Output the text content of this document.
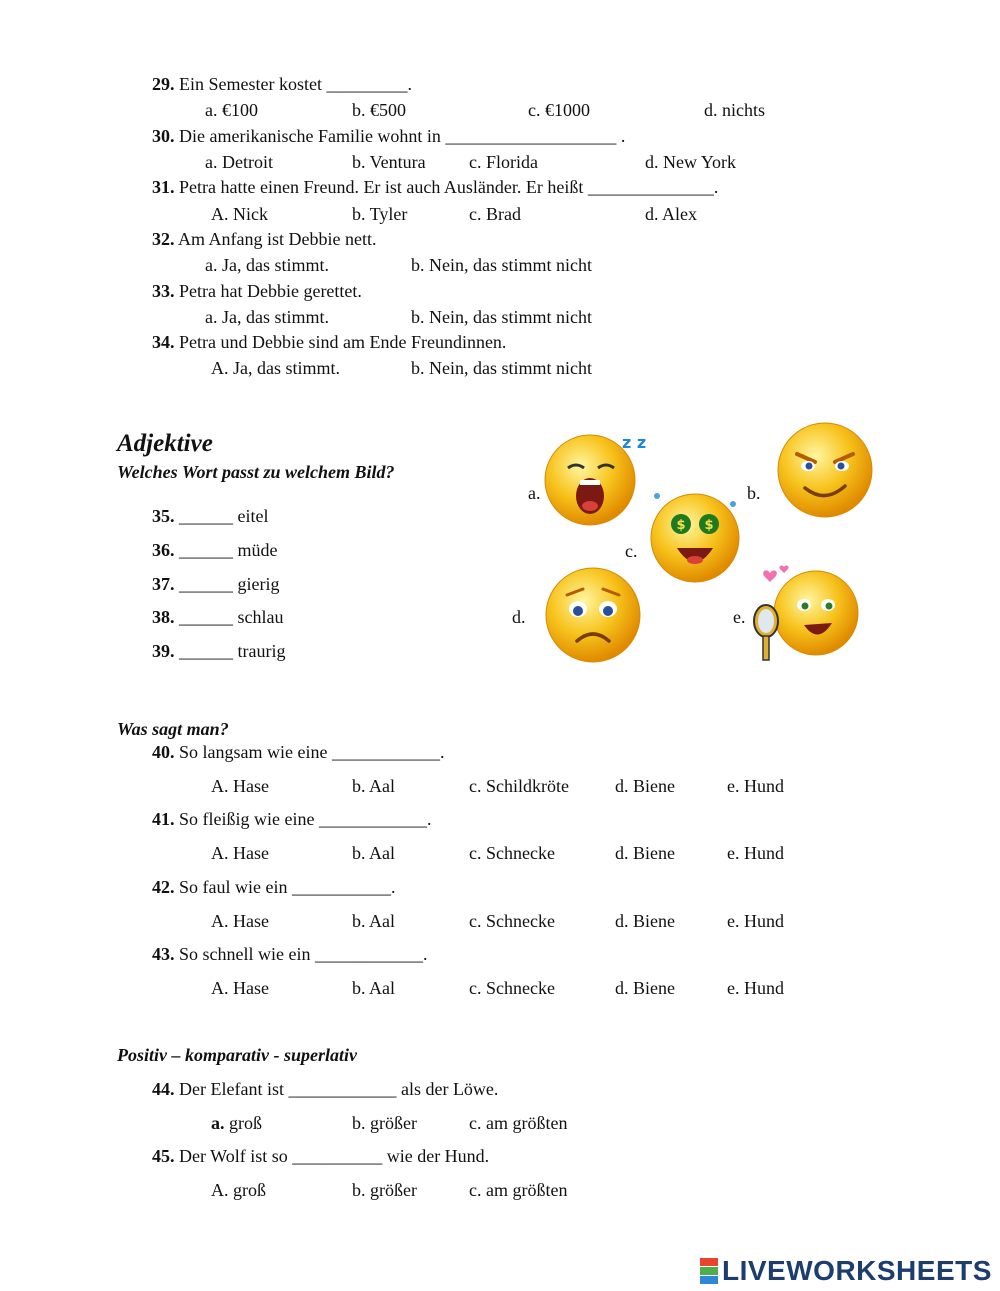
29. Ein Semester kostet _________.
a. €100	b. €500	c. €1000	d. nichts
30. Die amerikanische Familie wohnt in ___________________ .
a. Detroit	b. Ventura c. Florida	d. New York
31. Petra hatte einen Freund. Er ist auch Ausländer. Er heißt ______________.
A. Nick	b. Tyler	c. Brad	d. Alex
32. Am Anfang ist Debbie nett.
a. Ja, das stimmt.	b. Nein, das stimmt nicht
33. Petra hat Debbie gerettet.
a. Ja, das stimmt.	b. Nein, das stimmt nicht
34. Petra und Debbie sind am Ende Freundinnen.
A. Ja, das stimmt.	b. Nein, das stimmt nicht
Adjektive
Welches Wort passt zu welchem Bild?
35. ______ eitel
36. ______ müde
37. ______ gierig
38. ______ schlau
39. ______ traurig
a.	b.
c.
d.	e.
z z
$ $
Was sagt man?
40. So langsam wie eine ____________.
A. Hase	b. Aal	c. Schildkröte	d. Biene	e. Hund
41. So fleißig wie eine ____________.
A. Hase	b. Aal	c. Schnecke	d. Biene	e. Hund
42. So faul wie ein ___________.
A. Hase	b. Aal	c. Schnecke	d. Biene	e. Hund
43. So schnell wie ein ____________.
A. Hase	b. Aal	c. Schnecke	d. Biene	e. Hund
Positiv – komparativ - superlativ
44. Der Elefant ist ____________ als der Löwe.
a. groß	b. größer	c. am größten
45. Der Wolf ist so __________ wie der Hund.
A. groß	b. größer	c. am größten
LIVEWORKSHEETS
